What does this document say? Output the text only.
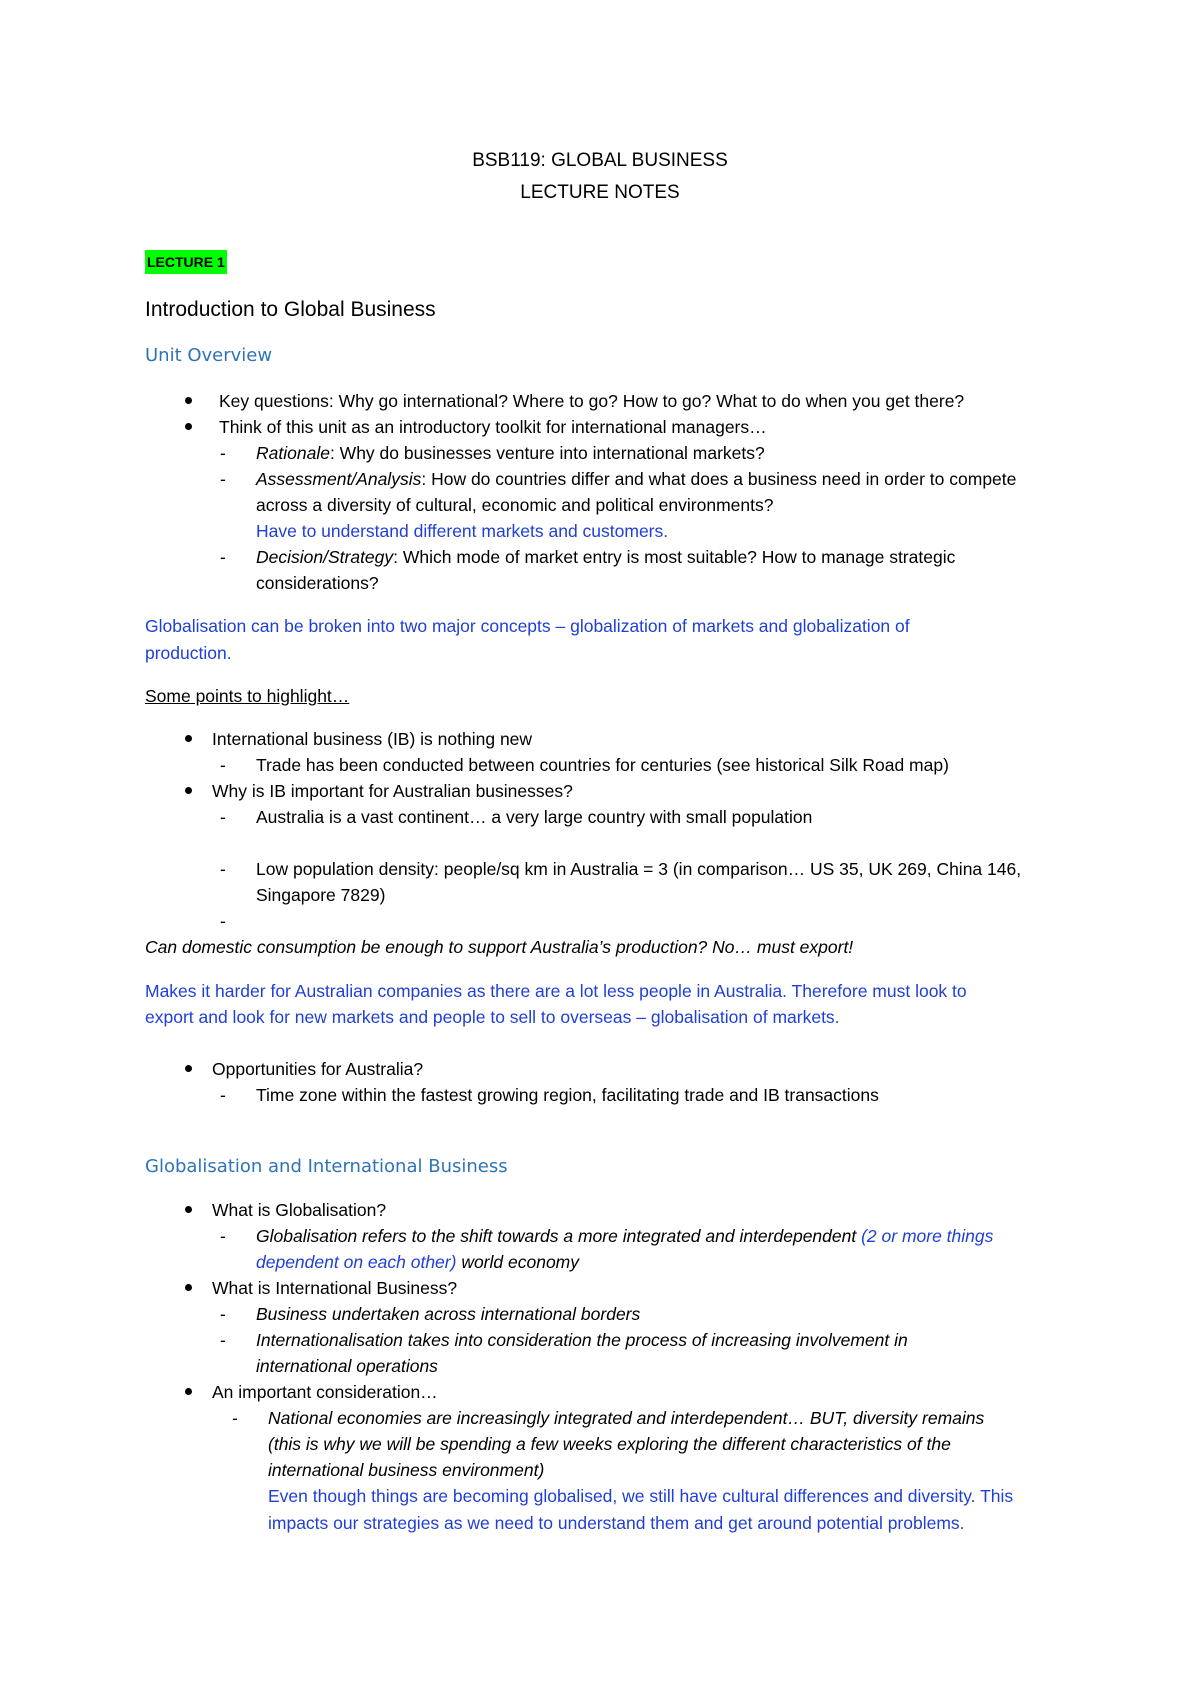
BSB119: GLOBAL BUSINESS
LECTURE NOTES
LECTURE 1
Introduction to Global Business
Unit Overview
Key questions: Why go international? Where to go? How to go? What to do when you get there?
Think of this unit as an introductory toolkit for international managers…
- Rationale: Why do businesses venture into international markets?
- Assessment/Analysis: How do countries differ and what does a business need in order to compete
across a diversity of cultural, economic and political environments?
Have to understand different markets and customers.
- Decision/Strategy: Which mode of market entry is most suitable? How to manage strategic
considerations?
Globalisation can be broken into two major concepts – globalization of markets and globalization of
production.
Some points to highlight…
International business (IB) is nothing new
- Trade has been conducted between countries for centuries (see historical Silk Road map)
Why is IB important for Australian businesses?
- Australia is a vast continent… a very large country with small population
- Low population density: people/sq km in Australia = 3 (in comparison… US 35, UK 269, China 146,
Singapore 7829)
-
Can domestic consumption be enough to support Australia’s production? No… must export!
Makes it harder for Australian companies as there are a lot less people in Australia. Therefore must look to
export and look for new markets and people to sell to overseas – globalisation of markets.
Opportunities for Australia?
- Time zone within the fastest growing region, facilitating trade and IB transactions
Globalisation and International Business
What is Globalisation?
- Globalisation refers to the shift towards a more integrated and interdependent (2 or more things
dependent on each other) world economy
What is International Business?
- Business undertaken across international borders
- Internationalisation takes into consideration the process of increasing involvement in
international operations
An important consideration…
- National economies are increasingly integrated and interdependent… BUT, diversity remains
(this is why we will be spending a few weeks exploring the different characteristics of the
international business environment)
Even though things are becoming globalised, we still have cultural differences and diversity. This
impacts our strategies as we need to understand them and get around potential problems.
